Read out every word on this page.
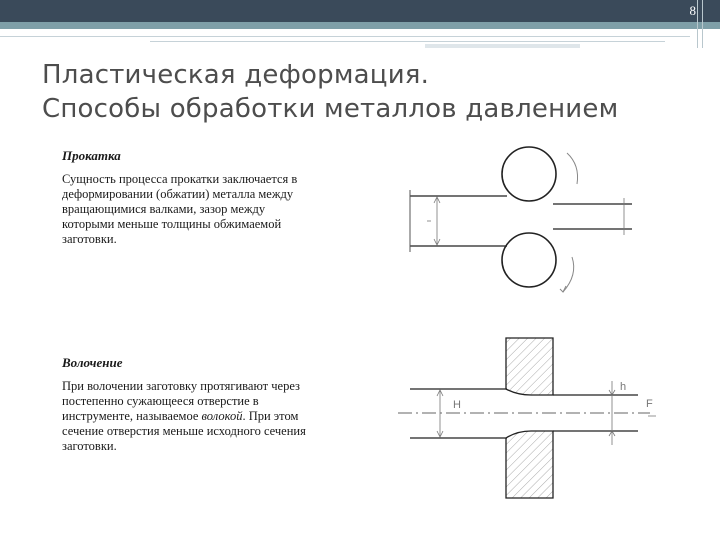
8
Пластическая деформация.
Способы обработки металлов давлением
Прокатка
Сущность процесса прокатки заключается в
деформировании (обжатии) металла между
вращающимися валками, зазор между
которыми меньше толщины обжимаемой
заготовки.
Волочение
При волочении заготовку протягивают через
постепенно сужающееся отверстие в
инструменте, называемое волокой. При этом
сечение отверстия меньше исходного сечения
заготовки.
H
h
F
